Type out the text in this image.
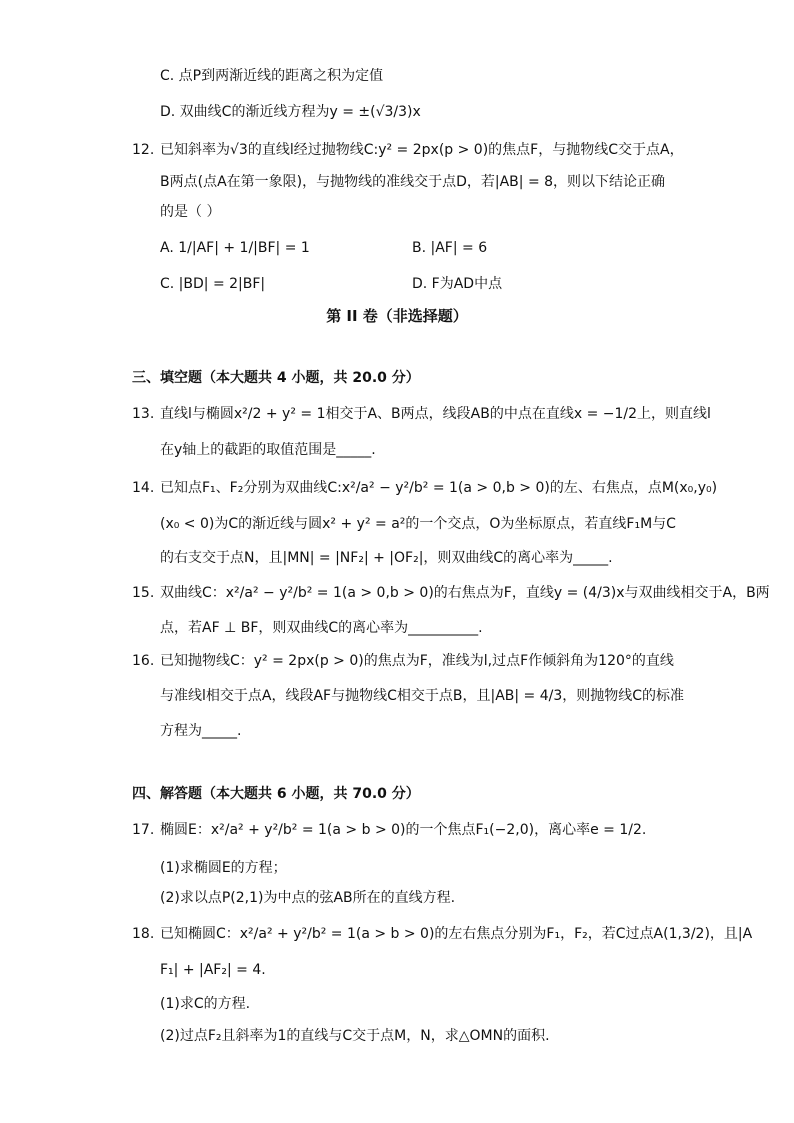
C. 点P到两渐近线的距离之积为定值
D. 双曲线C的渐近线方程为y = ±(√3/3)x
12. 已知斜率为√3的直线l经过抛物线C:y² = 2px(p > 0)的焦点F，与抛物线C交于点A，
B两点(点A在第一象限)，与抛物线的准线交于点D，若|AB| = 8，则以下结论正确
的是（ ）
A. 1/|AF| + 1/|BF| = 1	B. |AF| = 6
C. |BD| = 2|BF|	D. F为AD中点
第 II 卷（非选择题）
三、填空题（本大题共 4 小题，共 20.0 分）
13. 直线l与椭圆x²/2 + y² = 1相交于A、B两点，线段AB的中点在直线x = −1/2上，则直线l
在y轴上的截距的取值范围是_____.
14. 已知点F₁、F₂分别为双曲线C:x²/a² − y²/b² = 1(a > 0,b > 0)的左、右焦点，点M(x₀,y₀)
(x₀ < 0)为C的渐近线与圆x² + y² = a²的一个交点，O为坐标原点，若直线F₁M与C
的右支交于点N，且|MN| = |NF₂| + |OF₂|，则双曲线C的离心率为_____.
15. 双曲线C：x²/a² − y²/b² = 1(a > 0,b > 0)的右焦点为F，直线y = (4/3)x与双曲线相交于A，B两
点，若AF ⊥ BF，则双曲线C的离心率为__________.
16. 已知抛物线C：y² = 2px(p > 0)的焦点为F，准线为l,过点F作倾斜角为120°的直线
与准线l相交于点A，线段AF与抛物线C相交于点B，且|AB| = 4/3，则抛物线C的标准
方程为_____.
四、解答题（本大题共 6 小题，共 70.0 分）
17. 椭圆E：x²/a² + y²/b² = 1(a > b > 0)的一个焦点F₁(−2,0)，离心率e = 1/2.
(1)求椭圆E的方程；
(2)求以点P(2,1)为中点的弦AB所在的直线方程.
18. 已知椭圆C：x²/a² + y²/b² = 1(a > b > 0)的左右焦点分别为F₁，F₂，若C过点A(1,3/2)，且|A
F₁| + |AF₂| = 4.
(1)求C的方程.
(2)过点F₂且斜率为1的直线与C交于点M，N，求△OMN的面积.
